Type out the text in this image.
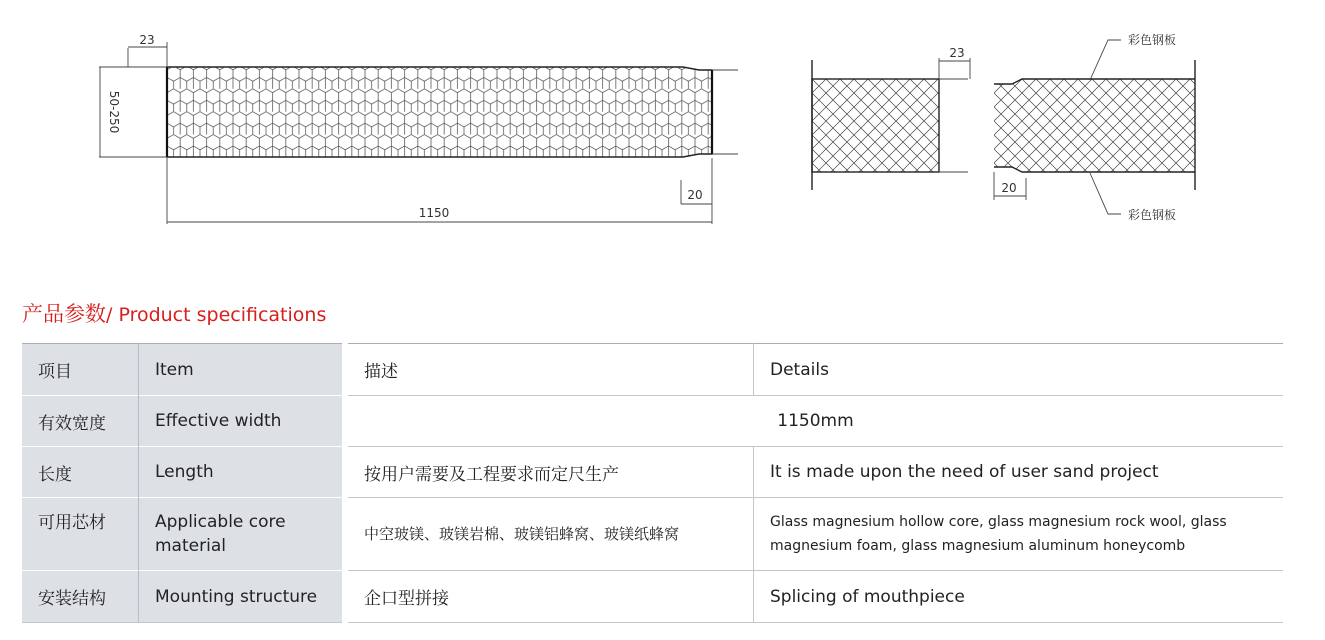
23
50-250
20
1150
23
20
彩色钢板
彩色钢板
产品参数/ Product specifications
项目	Item	描述	Details
有效宽度	Effective width	1150mm	
长度	Length	按用户需要及工程要求而定尺生产	It is made upon the need of user sand project
可用芯材	Applicable core material	中空玻镁、玻镁岩棉、玻镁铝蜂窝、玻镁纸蜂窝	Glass magnesium hollow core, glass magnesium rock wool, glass magnesium foam, glass magnesium aluminum honeycomb
安装结构	Mounting structure	企口型拼接	Splicing of mouthpiece
